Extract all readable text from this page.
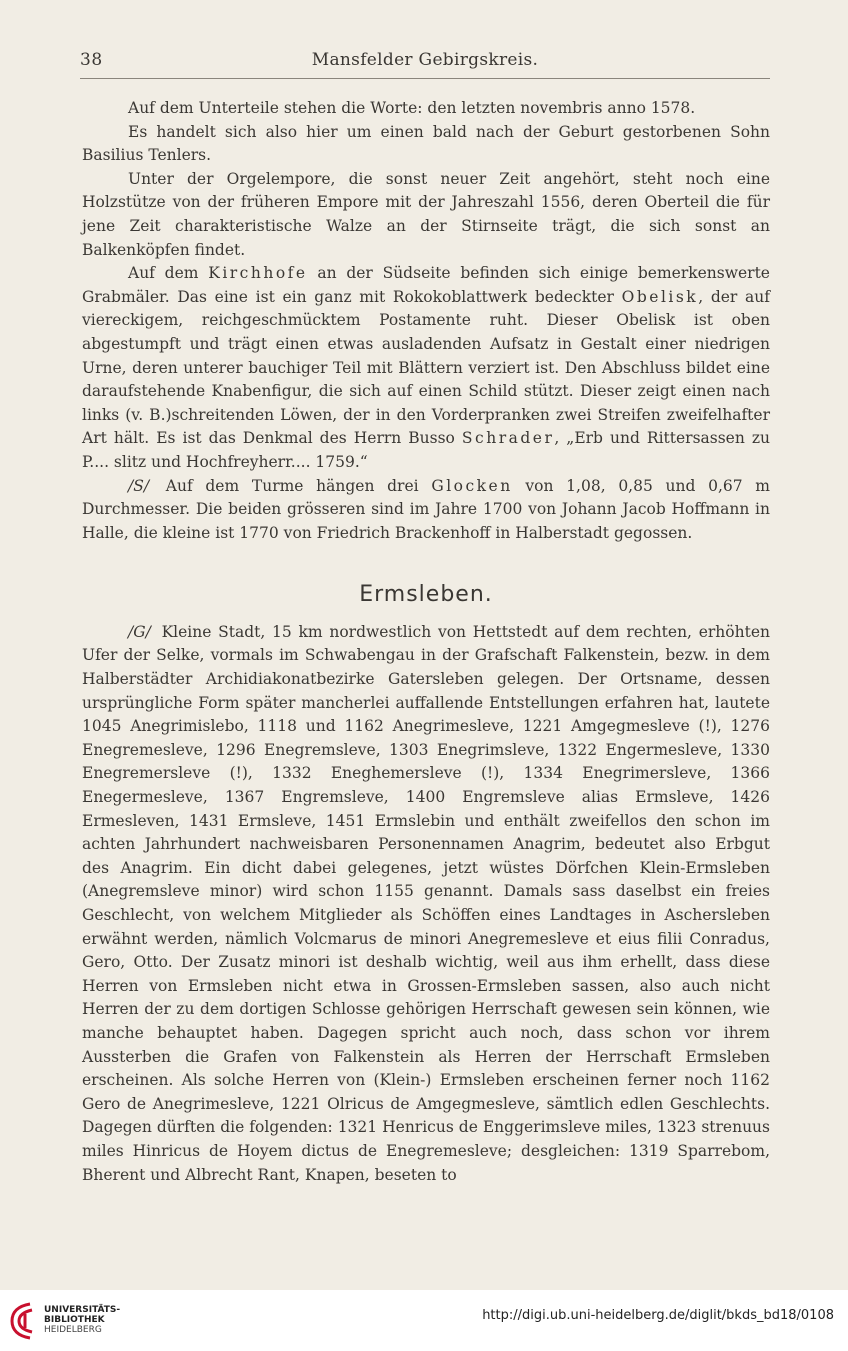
38	Mansfelder Gebirgskreis.

Auf dem Unterteile stehen die Worte: den letzten novembris anno 1578.

Es handelt sich also hier um einen bald nach der Geburt gestorbenen Sohn Basilius Tenlers.

Unter der Orgelempore, die sonst neuer Zeit angehört, steht noch eine Holzstütze von der früheren Empore mit der Jahreszahl 1556, deren Oberteil die für jene Zeit charakteristische Walze an der Stirnseite trägt, die sich sonst an Balkenköpfen findet.

Auf dem Kirchhofe an der Südseite befinden sich einige bemerkenswerte Grabmäler. Das eine ist ein ganz mit Rokokoblattwerk bedeckter Obelisk, der auf viereckigem, reichgeschmücktem Postamente ruht. Dieser Obelisk ist oben abgestumpft und trägt einen etwas ausladenden Aufsatz in Gestalt einer niedrigen Urne, deren unterer bauchiger Teil mit Blättern verziert ist. Den Abschluss bildet eine daraufstehende Knabenfigur, die sich auf einen Schild stützt. Dieser zeigt einen nach links (v. B.)schreitenden Löwen, der in den Vorderpranken zwei Streifen zweifelhafter Art hält. Es ist das Denkmal des Herrn Busso Schrader, „Erb und Rittersassen zu P.... slitz und Hochfreyherr.... 1759.“

/S/ Auf dem Turme hängen drei Glocken von 1,08, 0,85 und 0,67 m Durchmesser. Die beiden grösseren sind im Jahre 1700 von Johann Jacob Hoffmann in Halle, die kleine ist 1770 von Friedrich Brackenhoff in Halberstadt gegossen.

Ermsleben.

/G/ Kleine Stadt, 15 km nordwestlich von Hettstedt auf dem rechten, erhöhten Ufer der Selke, vormals im Schwabengau in der Grafschaft Falkenstein, bezw. in dem Halberstädter Archidiakonatbezirke Gatersleben gelegen. Der Ortsname, dessen ursprüngliche Form später mancherlei auffallende Entstellungen erfahren hat, lautete 1045 Anegrimislebo, 1118 und 1162 Anegrimesleve, 1221 Amgegmesleve (!), 1276 Enegremesleve, 1296 Enegremsleve, 1303 Enegrimsleve, 1322 Engermesleve, 1330 Enegremersleve (!), 1332 Eneghemersleve (!), 1334 Enegrimersleve, 1366 Enegermesleve, 1367 Engremsleve, 1400 Engremsleve alias Ermsleve, 1426 Ermesleven, 1431 Ermsleve, 1451 Ermslebin und enthält zweifellos den schon im achten Jahrhundert nachweisbaren Personennamen Anagrim, bedeutet also Erbgut des Anagrim. Ein dicht dabei gelegenes, jetzt wüstes Dörfchen Klein-Ermsleben (Anegremsleve minor) wird schon 1155 genannt. Damals sass daselbst ein freies Geschlecht, von welchem Mitglieder als Schöffen eines Landtages in Aschersleben erwähnt werden, nämlich Volcmarus de minori Anegremesleve et eius filii Conradus, Gero, Otto. Der Zusatz minori ist deshalb wichtig, weil aus ihm erhellt, dass diese Herren von Ermsleben nicht etwa in Grossen-Ermsleben sassen, also auch nicht Herren der zu dem dortigen Schlosse gehörigen Herrschaft gewesen sein können, wie manche behauptet haben. Dagegen spricht auch noch, dass schon vor ihrem Aussterben die Grafen von Falkenstein als Herren der Herrschaft Ermsleben erscheinen. Als solche Herren von (Klein-) Ermsleben erscheinen ferner noch 1162 Gero de Anegrimesleve, 1221 Olricus de Amgegmesleve, sämtlich edlen Geschlechts. Dagegen dürften die folgenden: 1321 Henricus de Enggerimsleve miles, 1323 strenuus miles Hinricus de Hoyem dictus de Enegremesleve; desgleichen: 1319 Sparrebom, Bherent und Albrecht Rant, Knapen, beseten to

UNIVERSITÄTS-
BIBLIOTHEK
HEIDELBERG
http://digi.ub.uni-heidelberg.de/diglit/bkds_bd18/0108
